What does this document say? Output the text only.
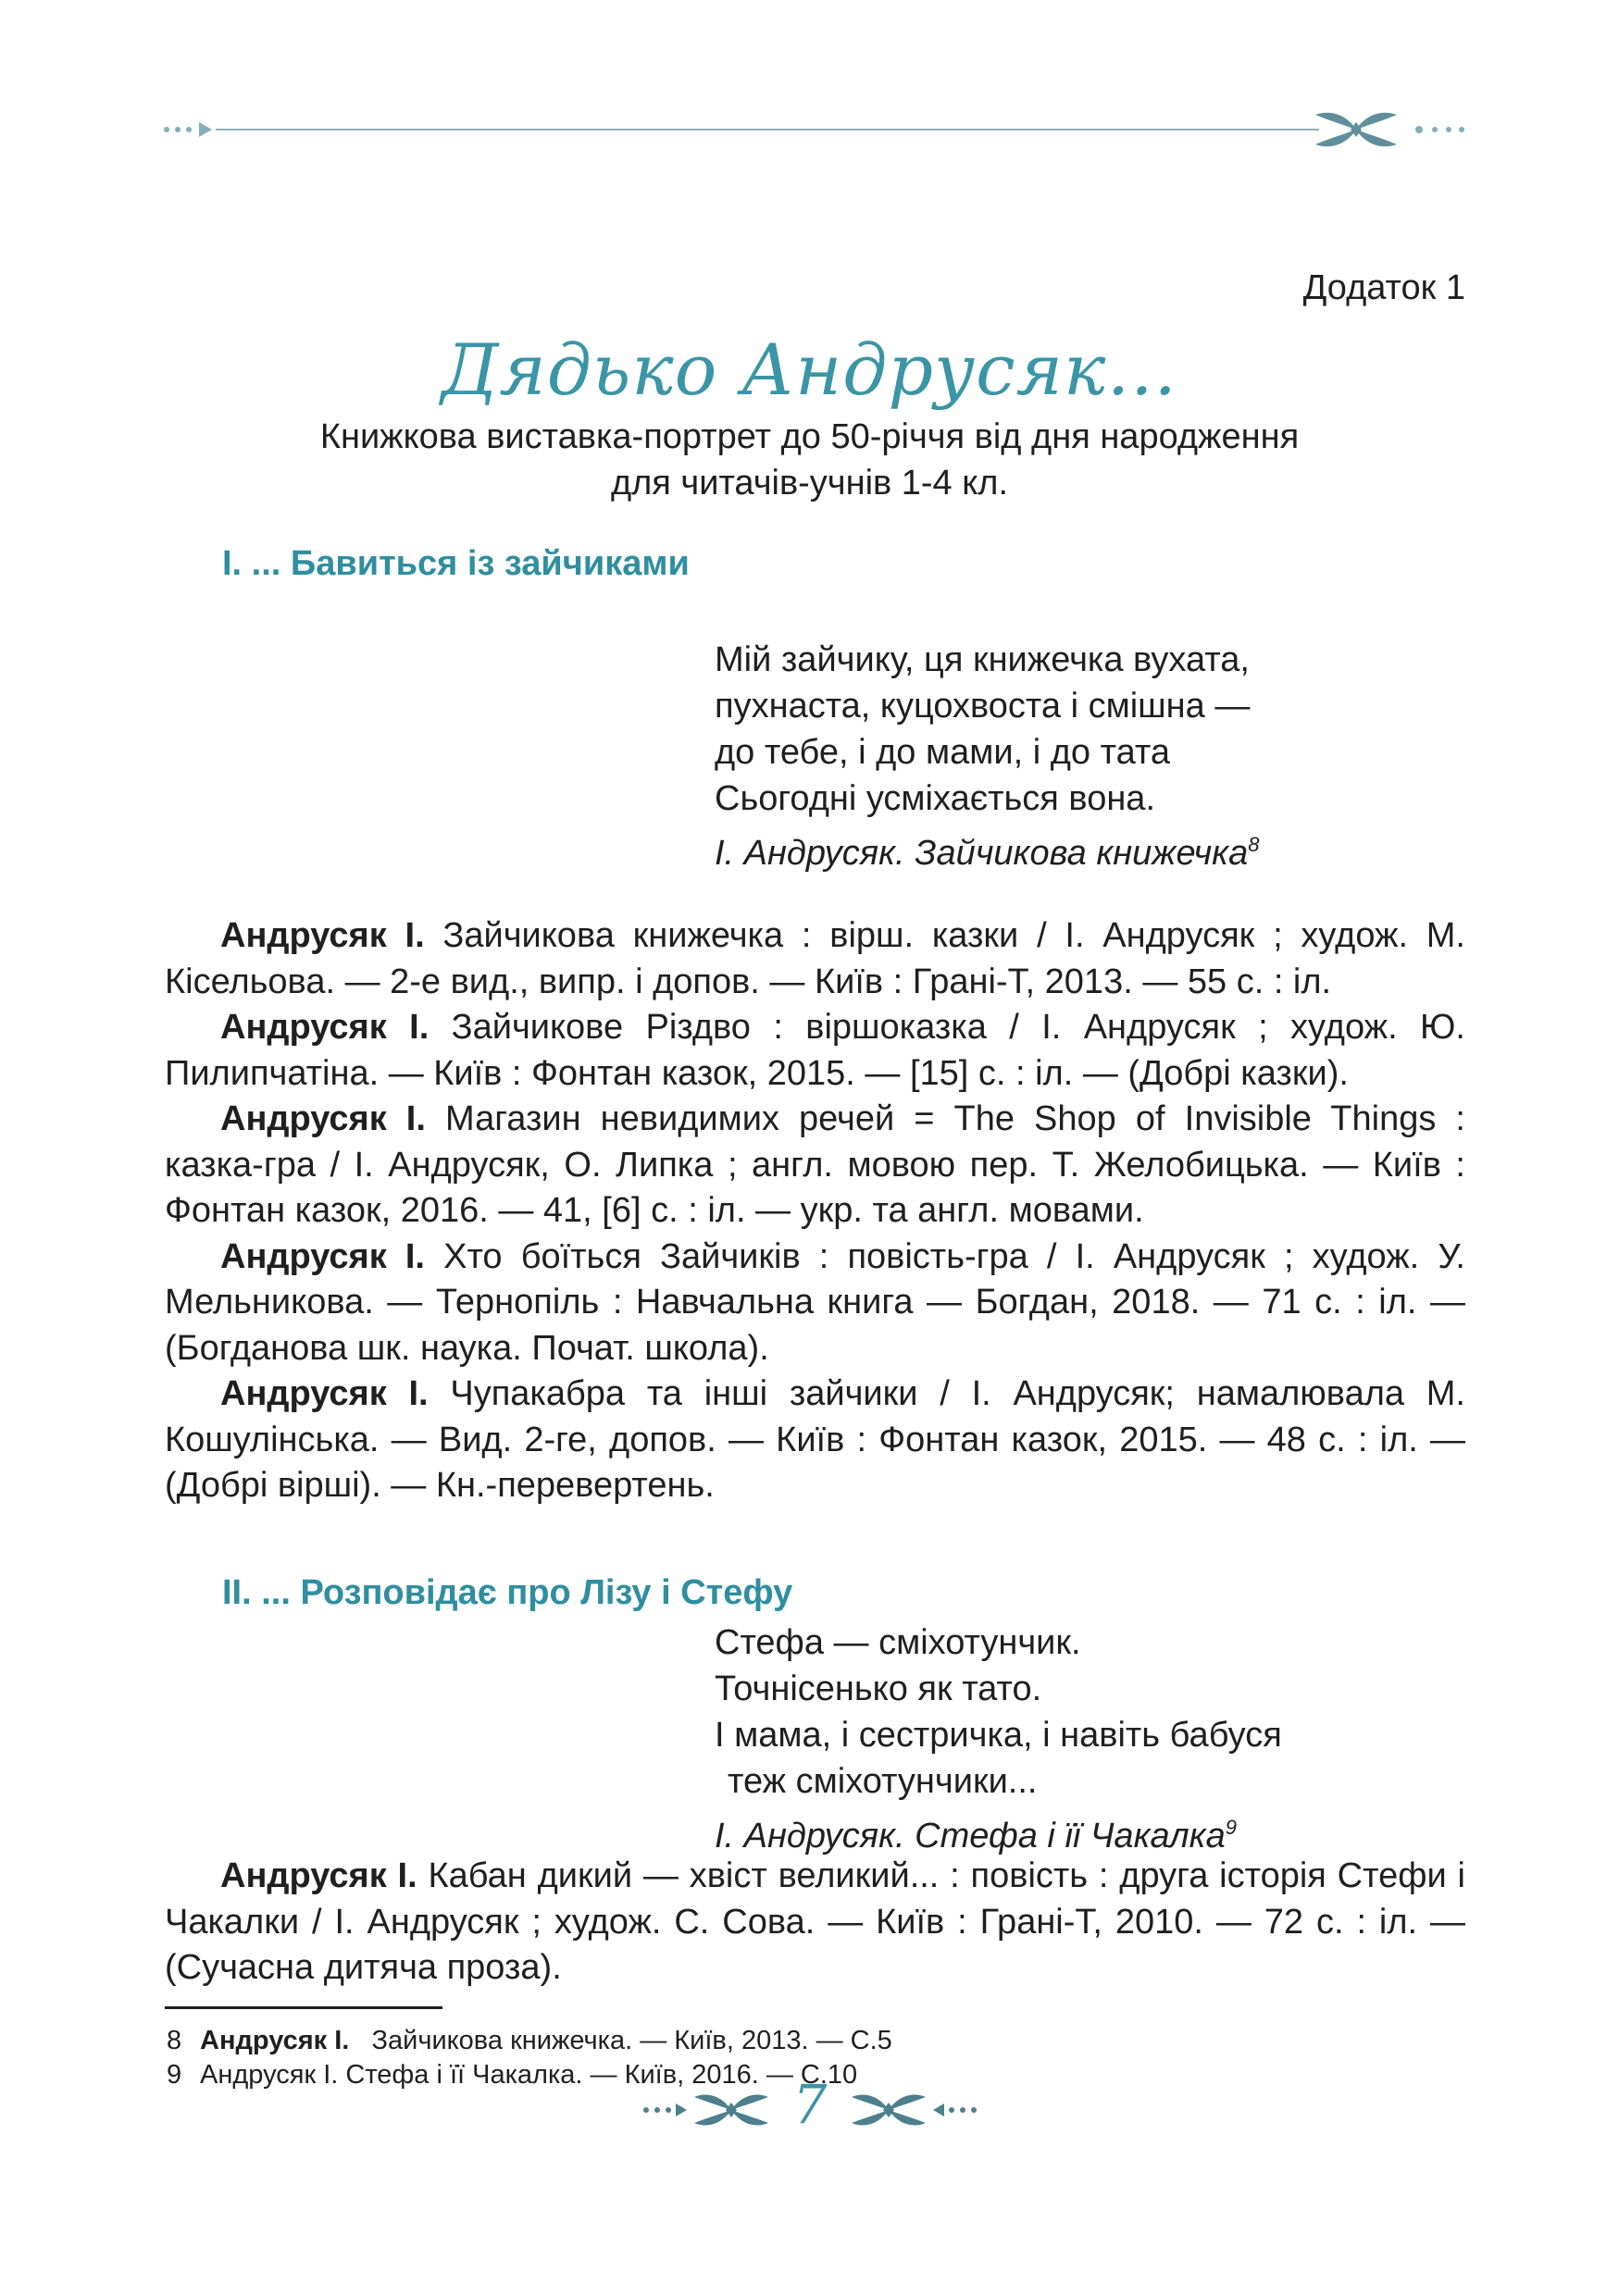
Додаток 1
Дядько Андрусяк…
Книжкова виставка-портрет до 50-річчя від дня народження
для читачів-учнів 1-4 кл.
І. ... Бавиться із зайчиками
Мій зайчику, ця книжечка вухата,
пухнаста, куцохвоста і смішна —
до тебе, і до мами, і до тата
Сьогодні усміхається вона.
І. Андрусяк. Зайчикова книжечка$^8$

Андрусяк І. Зайчикова книжечка : вірш. казки / І. Андрусяк ; худож. М. Кісельова. — 2-е вид., випр. і допов. — Київ : Грані-Т, 2013. — 55 с. : іл.

Андрусяк І. Зайчикове Різдво : віршоказка / І. Андрусяк ; худож. Ю. Пилипчатіна. — Київ : Фонтан казок, 2015. — [15] с. : іл. — (Добрі казки).

Андрусяк І. Магазин невидимих речей = The Shop of Invisible Things : казка-гра / І. Андрусяк, О. Липка ; англ. мовою пер. Т. Желобицька. — Київ : Фонтан казок, 2016. — 41, [6] с. : іл. — укр. та англ. мовами.

Андрусяк І. Хто боїться Зайчиків : повість-гра / І. Андрусяк ; худож. У. Мельникова. — Тернопіль : Навчальна книга — Богдан, 2018. — 71 с. : іл. — (Богданова шк. наука. Почат. школа).

Андрусяк І. Чупакабра та інші зайчики / І. Андрусяк; намалювала М. Кошулінська. — Вид. 2-ге, допов. — Київ : Фонтан казок, 2015. — 48 с. : іл. — (Добрі вірші). — Кн.-перевертень.

ІІ. ... Розповідає про Лізу і Стефу
Стефа — сміхотунчик.
Точнісенько як тато.
І мама, і сестричка, і навіть бабуся
теж сміхотунчики...
І. Андрусяк. Стефа і її Чакалка$^9$

Андрусяк І. Кабан дикий — хвіст великий... : повість : друга історія Стефи і Чакалки / І. Андрусяк ; худож. С. Сова. — Київ : Грані-Т, 2010. — 72 с. : іл. — (Сучасна дитяча проза).

8 Андрусяк І.   Зайчикова книжечка. — Київ, 2013. — С.5
9 Андрусяк І. Стефа і її Чакалка. — Київ, 2016. — С.10
7
